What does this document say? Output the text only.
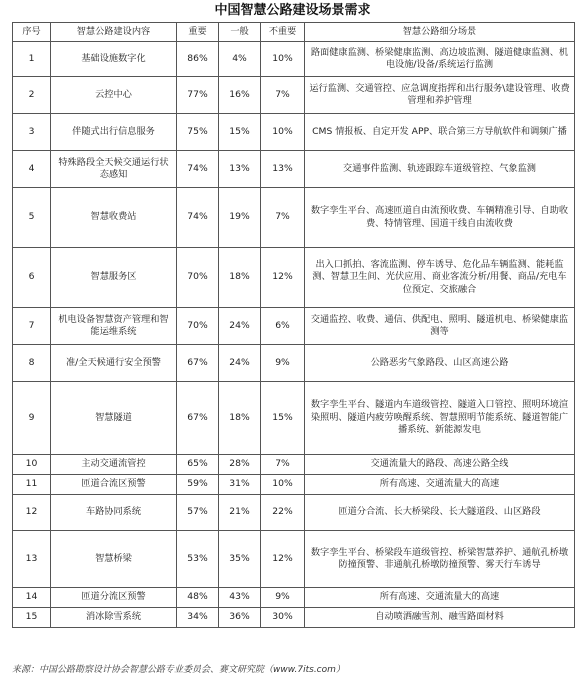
中国智慧公路建设场景需求
序号	智慧公路建设内容	重要	一般	不重要	智慧公路细分场景
1	基础设施数字化	86%	4%	10%	路面健康监测、桥梁健康监测、高边坡监测、隧道健康监测、机电设施/设备/系统运行监测
2	云控中心	77%	16%	7%	运行监测、交通管控、应急调度指挥和出行服务\建设管理、收费管理和养护管理
3	伴随式出行信息服务	75%	15%	10%	CMS 情报板、自定开发 APP、联合第三方导航软件和调频广播
4	特殊路段全天候交通运行状态感知	74%	13%	13%	交通事件监测、轨迹跟踪车道级管控、气象监测
5	智慧收费站	74%	19%	7%	数字孪生平台、高速匝道自由流预收费、车辆精准引导、自助收费、特情管理、国道干线自由流收费
6	智慧服务区	70%	18%	12%	出入口抓拍、客流监测、停车诱导、危化品车辆监测、能耗监测、智慧卫生间、光伏应用、商业客流分析/用餐、商品/充电车位预定、交旅融合
7	机电设备智慧资产管理和智能运维系统	70%	24%	6%	交通监控、收费、通信、供配电、照明、隧道机电、桥梁健康监测等
8	准/全天候通行安全预警	67%	24%	9%	公路恶劣气象路段、山区高速公路
9	智慧隧道	67%	18%	15%	数字孪生平台、隧道内车道级管控、隧道入口管控、照明环境渲染照明、隧道内疲劳唤醒系统、智慧照明节能系统、隧道智能广播系统、新能源发电
10	主动交通流管控	65%	28%	7%	交通流量大的路段、高速公路全线
11	匝道合流区预警	59%	31%	10%	所有高速、交通流量大的高速
12	车路协同系统	57%	21%	22%	匝道分合流、长大桥梁段、长大隧道段、山区路段
13	智慧桥梁	53%	35%	12%	数字孪生平台、桥梁段车道级管控、桥梁智慧养护、通航孔桥墩防撞预警、非通航孔桥墩防撞预警、雾天行车诱导
14	匝道分流区预警	48%	43%	9%	所有高速、交通流量大的高速
15	消冰除雪系统	34%	36%	30%	自动喷洒融雪剂、融雪路面材料
来源：中国公路勘察设计协会智慧公路专业委员会、赛文研究院（www.7its.com）
